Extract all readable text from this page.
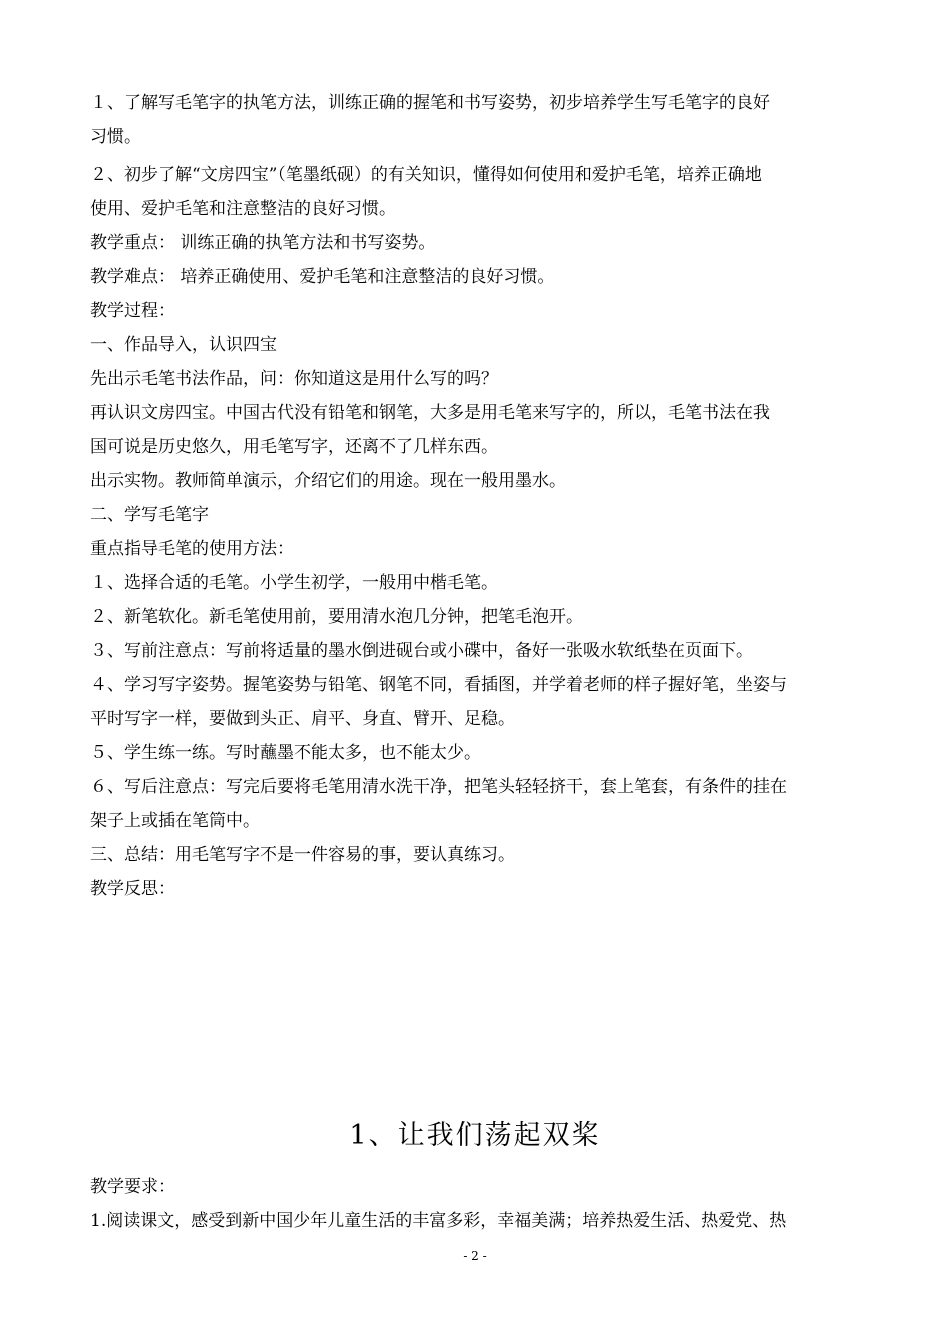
１、了解写毛笔字的执笔方法，训练正确的握笔和书写姿势，初步培养学生写毛笔字的良好

习惯。

２、初步了解“文房四宝”（笔墨纸砚）的有关知识，懂得如何使用和爱护毛笔，培养正确地

使用、爱护毛笔和注意整洁的良好习惯。

教学重点： 训练正确的执笔方法和书写姿势。

教学难点： 培养正确使用、爱护毛笔和注意整洁的良好习惯。

教学过程：

一、作品导入，认识四宝

先出示毛笔书法作品，问：你知道这是用什么写的吗？

再认识文房四宝。中国古代没有铅笔和钢笔，大多是用毛笔来写字的，所以，毛笔书法在我

国可说是历史悠久，用毛笔写字，还离不了几样东西。

出示实物。教师简单演示，介绍它们的用途。现在一般用墨水。

二、学写毛笔字

重点指导毛笔的使用方法：

１、选择合适的毛笔。小学生初学，一般用中楷毛笔。

２、新笔软化。新毛笔使用前，要用清水泡几分钟，把笔毛泡开。

３、写前注意点：写前将适量的墨水倒进砚台或小碟中，备好一张吸水软纸垫在页面下。

４、学习写字姿势。握笔姿势与铅笔、钢笔不同，看插图，并学着老师的样子握好笔，坐姿与

平时写字一样，要做到头正、肩平、身直、臂开、足稳。

５、学生练一练。写时蘸墨不能太多，也不能太少。

６、写后注意点：写完后要将毛笔用清水洗干净，把笔头轻轻挤干，套上笔套，有条件的挂在

架子上或插在笔筒中。

三、总结：用毛笔写字不是一件容易的事，要认真练习。

教学反思：

1、让我们荡起双桨

教学要求：

1.阅读课文，感受到新中国少年儿童生活的丰富多彩，幸福美满；培养热爱生活、热爱党、热

- 2 -
